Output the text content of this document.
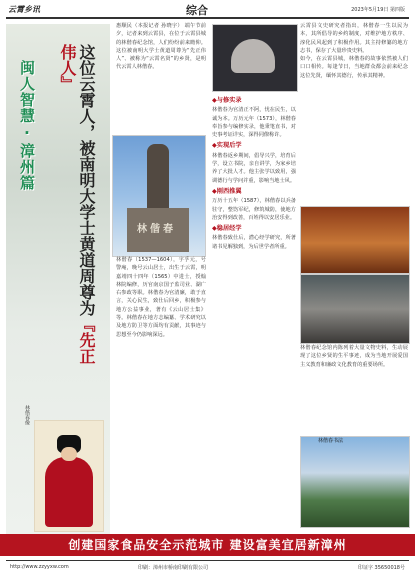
云霄乡讯	综合	2023年5月19日 第四版
闽人智慧·漳州篇	这位云霄人，被南明大学士黄道周尊为『先正伟人』
林偕春像
惠顺民（本报记者 孙晓宇） 端午节前夕，记者来到云霄县，在位于云霄县城的林偕春纪念馆，人们纷纷前来瞻仰。这位被南明大学士黄道周尊为“先正伟人”、被称为“云霄名贤”的乡贤，是明代云霄人林偕春。
林偕春
林偕春（1537—1604），字孚元，号警庵，晚号云山居士，出生于云霄，明嘉靖四十四年（1565）中进士，授翰林院编修，历官南京国子监司业、湖广右参政等职。林偕春为官清廉，敢于直言，关心民生，致仕后回乡，积极参与地方公益事业，著有《云山居士集》等。林偕春在地方志编纂、学术研究以及地方防卫等方面均有贡献，其事迹与思想至今仍影响深远。
◆与修实录
林偕春为官清正不阿，忧在民生，以诚为本。万历元年（1573），林偕春奉旨参与编修实录，他秉笔直书，对史事考证详实，深得同僚称许。
◆实现后学
林偕春返乡期间，倡导兴学，培育后学，设立书院，亲自讲学，为家乡培养了大批人才。他主张学以致用，强调德行与学问并重，影响当地士风。
◆刚西推翼
万历十五年（1587），林偕春以兵备驻守，整饬军纪，修筑城防，使地方治安得到改善，百姓得以安居乐业。
◆稳居经学
林偕春致仕后，潜心经学研究，所著诸书见解独到，为后世学者所重。
云霄县文史研究者指出，林偕春一生以民为本，其所倡导的乡约制度，对维护地方秩序、淳化民风起到了积极作用。其主持修纂的地方志书，保存了大量珍贵史料。
如今，在云霄县城，林偕春的故事依然被人们口口相传。每逢节日，当地群众都会前来纪念这位先贤，缅怀其德行，传承其精神。
林偕春纪念馆内陈列着大量文物史料，生动展现了这位乡贤的生平事迹，成为当地开展爱国主义教育和廉政文化教育的重要场所。
林偕春书法
创建国家食品安全示范城市 建设富美宜居新漳州
http://www.zzyyxw.com	印刷：漳州市桥南印刷有限公司	印证字 35650018号
